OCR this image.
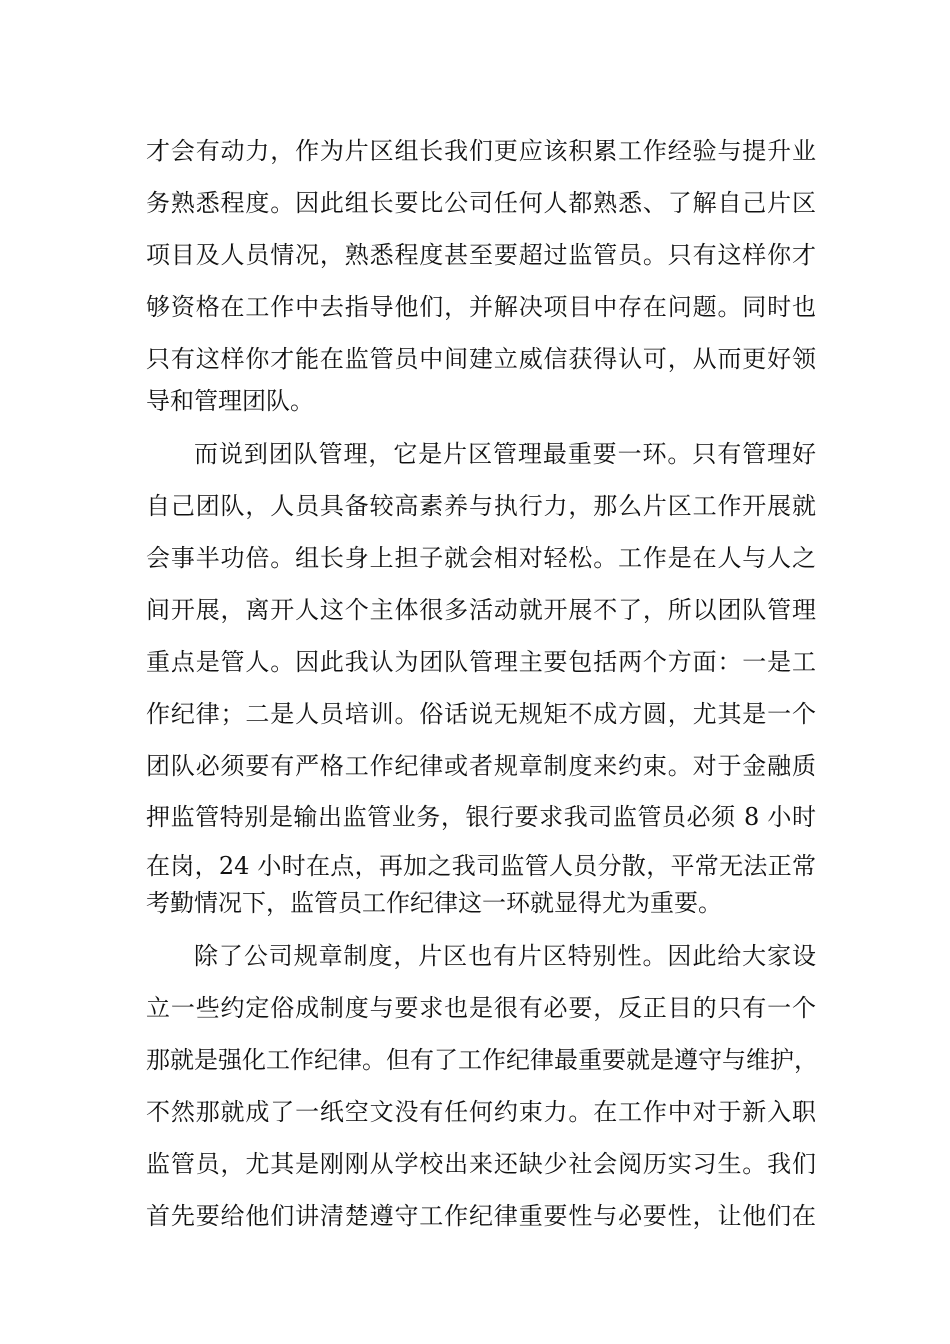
才会有动力，作为片区组长我们更应该积累工作经验与提升业
务熟悉程度。因此组长要比公司任何人都熟悉、了解自己片区
项目及人员情况，熟悉程度甚至要超过监管员。只有这样你才
够资格在工作中去指导他们，并解决项目中存在问题。同时也
只有这样你才能在监管员中间建立威信获得认可，从而更好领
导和管理团队。
而说到团队管理，它是片区管理最重要一环。只有管理好
自己团队，人员具备较高素养与执行力，那么片区工作开展就
会事半功倍。组长身上担子就会相对轻松。工作是在人与人之
间开展，离开人这个主体很多活动就开展不了，所以团队管理
重点是管人。因此我认为团队管理主要包括两个方面：一是工
作纪律；二是人员培训。俗话说无规矩不成方圆，尤其是一个
团队必须要有严格工作纪律或者规章制度来约束。对于金融质
押监管特别是输出监管业务，银行要求我司监管员必须 8 小时
在岗，24 小时在点，再加之我司监管人员分散，平常无法正常
考勤情况下，监管员工作纪律这一环就显得尤为重要。
除了公司规章制度，片区也有片区特别性。因此给大家设
立一些约定俗成制度与要求也是很有必要，反正目的只有一个
那就是强化工作纪律。但有了工作纪律最重要就是遵守与维护，
不然那就成了一纸空文没有任何约束力。在工作中对于新入职
监管员，尤其是刚刚从学校出来还缺少社会阅历实习生。我们
首先要给他们讲清楚遵守工作纪律重要性与必要性，让他们在
